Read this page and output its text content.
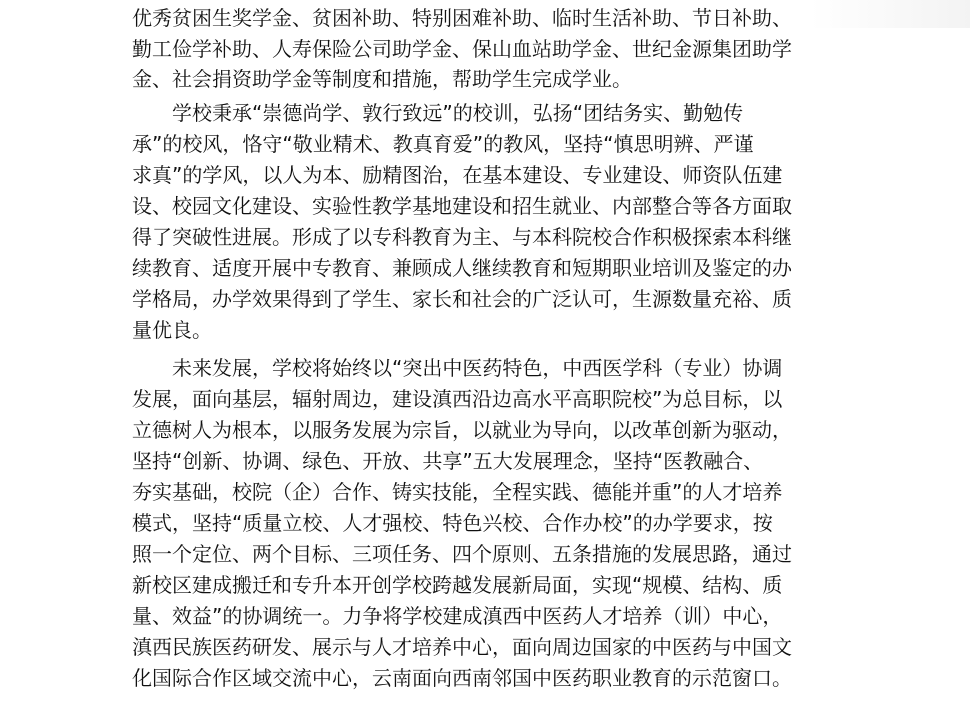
优秀贫困生奖学金、贫困补助、特别困难补助、临时生活补助、节日补助、
勤工俭学补助、人寿保险公司助学金、保山血站助学金、世纪金源集团助学
金、社会捐资助学金等制度和措施，帮助学生完成学业。
学校秉承“崇德尚学、敦行致远”的校训，弘扬“团结务实、勤勉传
承”的校风，恪守“敬业精术、教真育爱”的教风，坚持“慎思明辨、严谨
求真”的学风，以人为本、励精图治，在基本建设、专业建设、师资队伍建
设、校园文化建设、实验性教学基地建设和招生就业、内部整合等各方面取
得了突破性进展。形成了以专科教育为主、与本科院校合作积极探索本科继
续教育、适度开展中专教育、兼顾成人继续教育和短期职业培训及鉴定的办
学格局，办学效果得到了学生、家长和社会的广泛认可，生源数量充裕、质
量优良。
未来发展，学校将始终以“突出中医药特色，中西医学科（专业）协调
发展，面向基层，辐射周边，建设滇西沿边高水平高职院校”为总目标，以
立德树人为根本，以服务发展为宗旨，以就业为导向，以改革创新为驱动，
坚持“创新、协调、绿色、开放、共享”五大发展理念，坚持“医教融合、
夯实基础，校院（企）合作、铸实技能，全程实践、德能并重”的人才培养
模式，坚持“质量立校、人才强校、特色兴校、合作办校”的办学要求，按
照一个定位、两个目标、三项任务、四个原则、五条措施的发展思路，通过
新校区建成搬迁和专升本开创学校跨越发展新局面，实现“规模、结构、质
量、效益”的协调统一。力争将学校建成滇西中医药人才培养（训）中心，
滇西民族医药研发、展示与人才培养中心，面向周边国家的中医药与中国文
化国际合作区域交流中心，云南面向西南邻国中医药职业教育的示范窗口。
